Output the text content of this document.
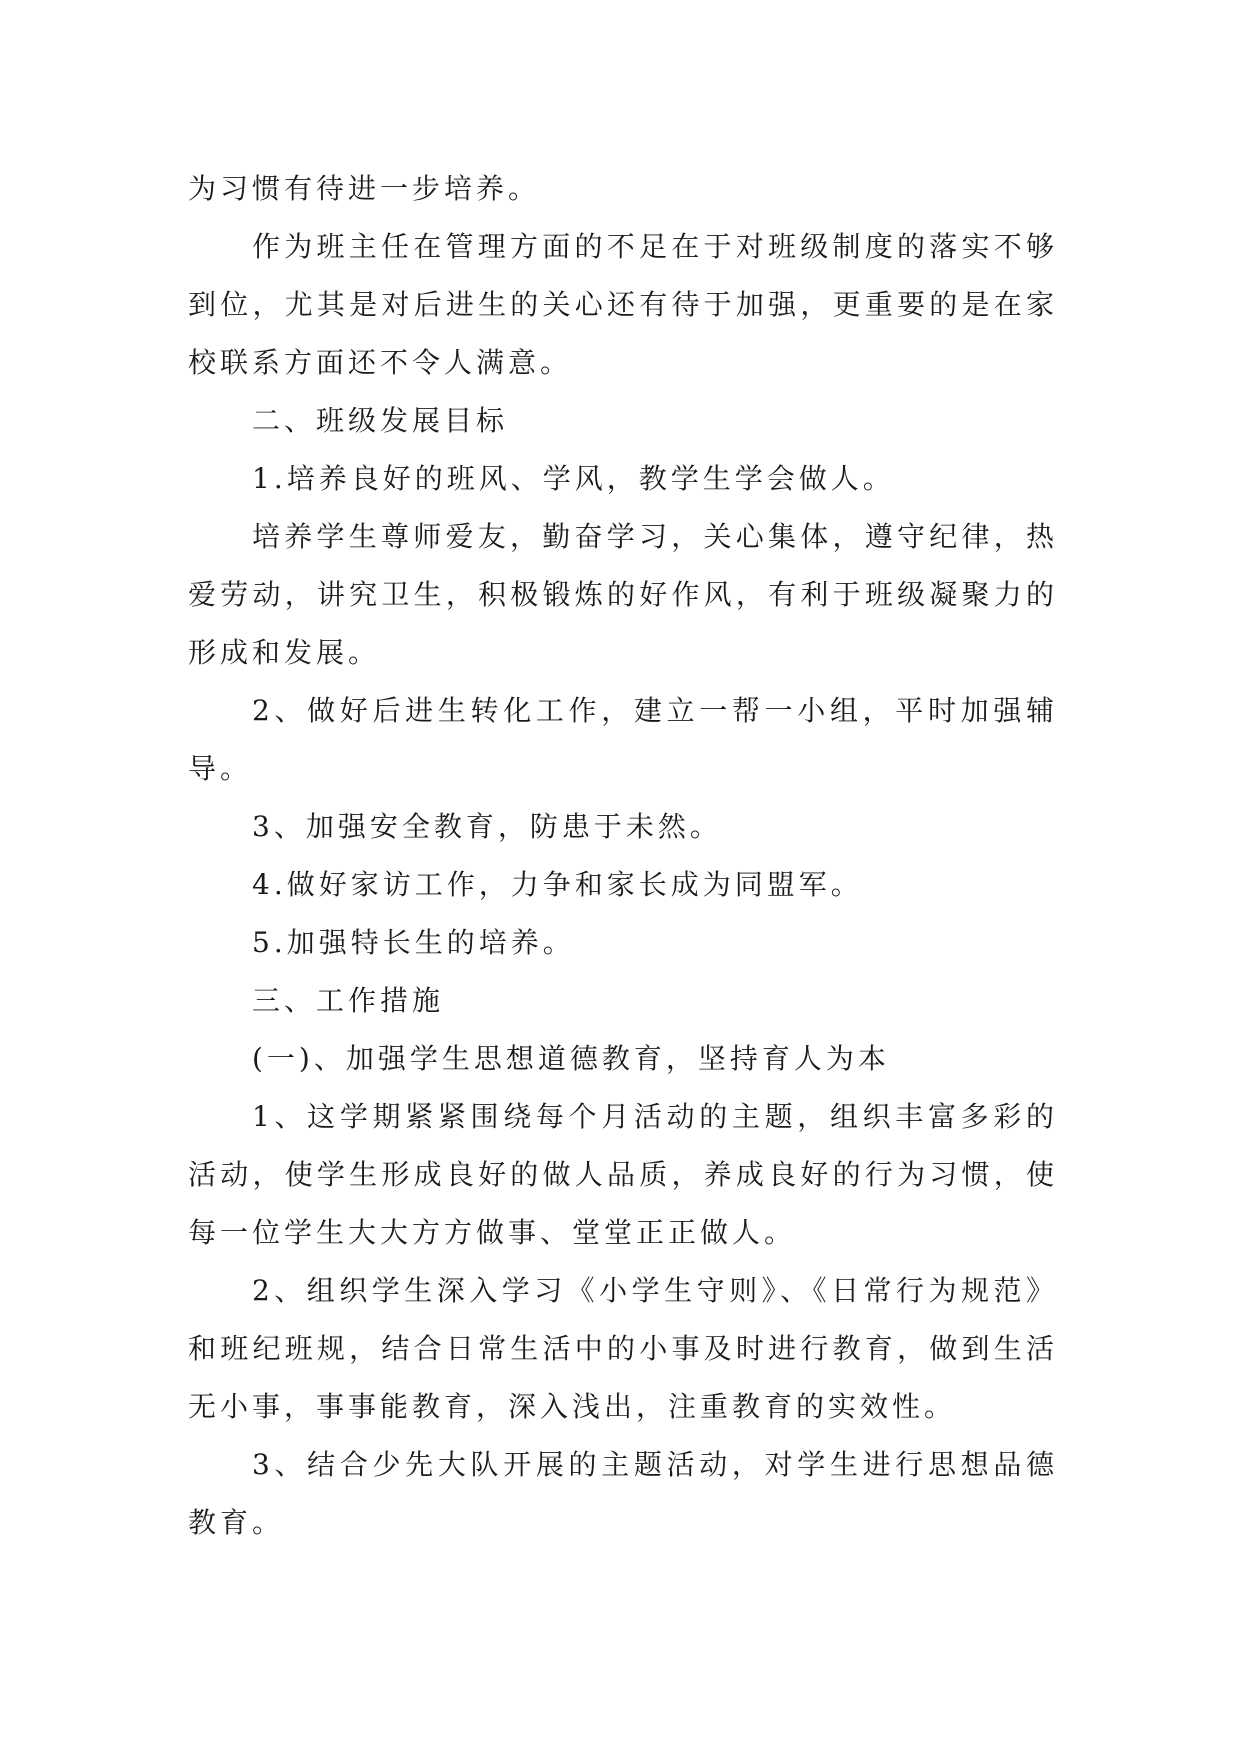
为习惯有待进一步培养。

作为班主任在管理方面的不足在于对班级制度的落实不够到位，尤其是对后进生的关心还有待于加强，更重要的是在家校联系方面还不令人满意。

二、班级发展目标

1.培养良好的班风、学风，教学生学会做人。

培养学生尊师爱友，勤奋学习，关心集体，遵守纪律，热爱劳动，讲究卫生，积极锻炼的好作风，有利于班级凝聚力的形成和发展。

2、做好后进生转化工作，建立一帮一小组，平时加强辅导。

3、加强安全教育，防患于未然。

4.做好家访工作，力争和家长成为同盟军。

5.加强特长生的培养。

三、工作措施

(一)、加强学生思想道德教育，坚持育人为本

1、这学期紧紧围绕每个月活动的主题，组织丰富多彩的活动，使学生形成良好的做人品质，养成良好的行为习惯，使每一位学生大大方方做事、堂堂正正做人。

2、组织学生深入学习《小学生守则》、《日常行为规范》和班纪班规，结合日常生活中的小事及时进行教育，做到生活无小事，事事能教育，深入浅出，注重教育的实效性。

3、结合少先大队开展的主题活动，对学生进行思想品德教育。
